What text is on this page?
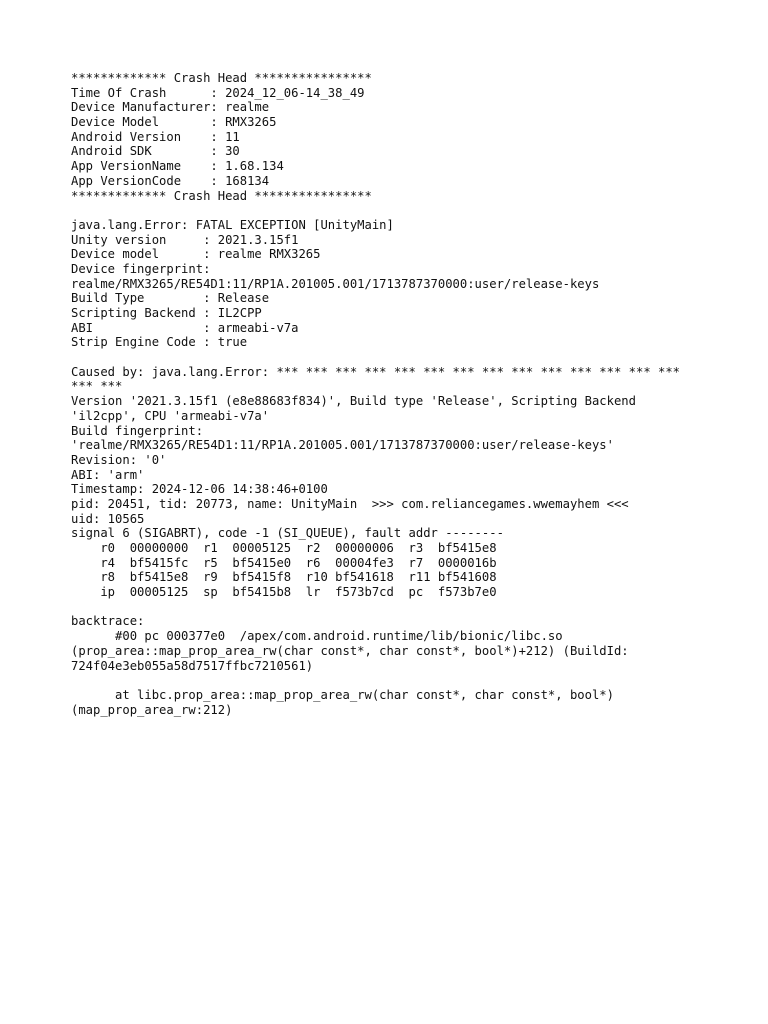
************* Crash Head ****************
Time Of Crash      : 2024_12_06-14_38_49
Device Manufacturer: realme
Device Model       : RMX3265
Android Version    : 11
Android SDK        : 30
App VersionName    : 1.68.134
App VersionCode    : 168134
************* Crash Head ****************
java.lang.Error: FATAL EXCEPTION [UnityMain]
Unity version     : 2021.3.15f1
Device model      : realme RMX3265
Device fingerprint:
realme/RMX3265/RE54D1:11/RP1A.201005.001/1713787370000:user/release-keys
Build Type        : Release
Scripting Backend : IL2CPP
ABI               : armeabi-v7a
Strip Engine Code : true
Caused by: java.lang.Error: *** *** *** *** *** *** *** *** *** *** *** *** *** ***
*** ***
Version '2021.3.15f1 (e8e88683f834)', Build type 'Release', Scripting Backend
'il2cpp', CPU 'armeabi-v7a'
Build fingerprint:
'realme/RMX3265/RE54D1:11/RP1A.201005.001/1713787370000:user/release-keys'
Revision: '0'
ABI: 'arm'
Timestamp: 2024-12-06 14:38:46+0100
pid: 20451, tid: 20773, name: UnityMain  >>> com.reliancegames.wwemayhem <<<
uid: 10565
signal 6 (SIGABRT), code -1 (SI_QUEUE), fault addr --------
r0  00000000  r1  00005125  r2  00000006  r3  bf5415e8
r4  bf5415fc  r5  bf5415e0  r6  00004fe3  r7  0000016b
r8  bf5415e8  r9  bf5415f8  r10 bf541618  r11 bf541608
ip  00005125  sp  bf5415b8  lr  f573b7cd  pc  f573b7e0
backtrace:
#00 pc 000377e0  /apex/com.android.runtime/lib/bionic/libc.so
(prop_area::map_prop_area_rw(char const*, char const*, bool*)+212) (BuildId:
724f04e3eb055a58d7517ffbc7210561)
at libc.prop_area::map_prop_area_rw(char const*, char const*, bool*)
(map_prop_area_rw:212)
